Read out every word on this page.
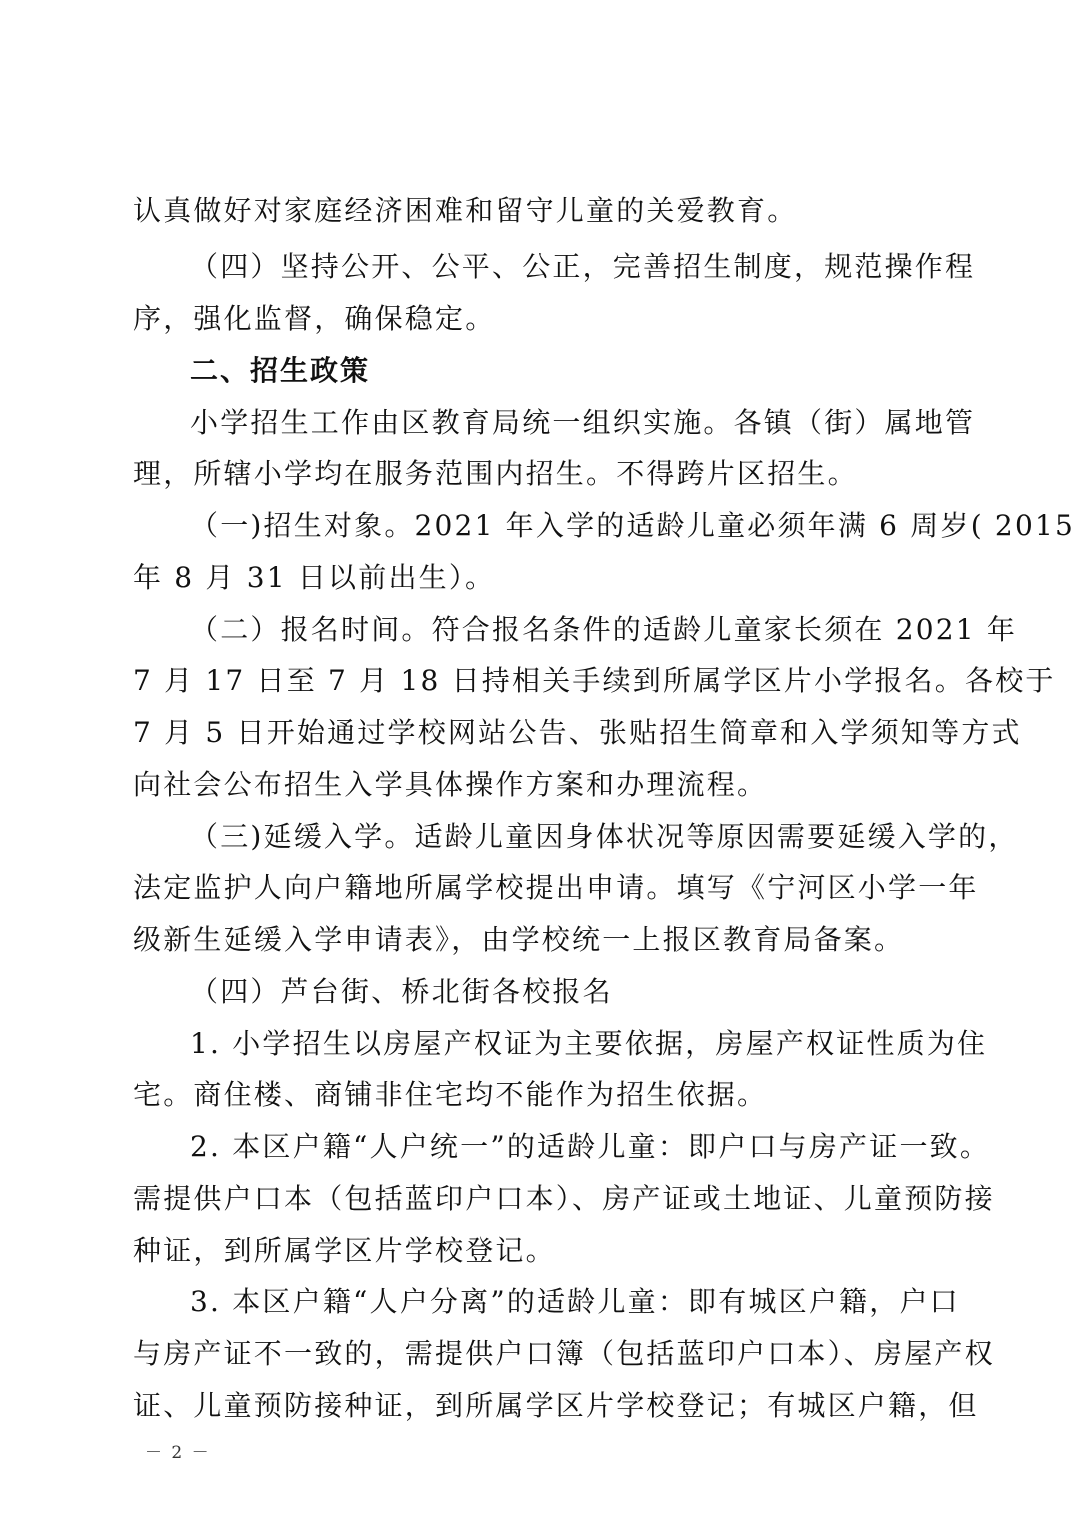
认真做好对家庭经济困难和留守儿童的关爱教育。
（四）坚持公开、公平、公正，完善招生制度，规范操作程
序，强化监督，确保稳定。
二、招生政策
小学招生工作由区教育局统一组织实施。各镇（街）属地管
理，所辖小学均在服务范围内招生。不得跨片区招生。
（一)招生对象。2021 年入学的适龄儿童必须年满 6 周岁( 2015
年 8 月 31 日以前出生）。
（二）报名时间。符合报名条件的适龄儿童家长须在 2021 年
7 月 17 日至 7 月 18 日持相关手续到所属学区片小学报名。各校于
7 月 5 日开始通过学校网站公告、张贴招生简章和入学须知等方式
向社会公布招生入学具体操作方案和办理流程。
（三)延缓入学。适龄儿童因身体状况等原因需要延缓入学的，
法定监护人向户籍地所属学校提出申请。填写《宁河区小学一年
级新生延缓入学申请表》，由学校统一上报区教育局备案。
（四）芦台街、桥北街各校报名
1. 小学招生以房屋产权证为主要依据，房屋产权证性质为住
宅。商住楼、商铺非住宅均不能作为招生依据。
2. 本区户籍“人户统一”的适龄儿童：即户口与房产证一致。
需提供户口本（包括蓝印户口本）、房产证或土地证、儿童预防接
种证，到所属学区片学校登记。
3. 本区户籍“人户分离”的适龄儿童：即有城区户籍，户口
与房产证不一致的，需提供户口簿（包括蓝印户口本）、房屋产权
证、儿童预防接种证，到所属学区片学校登记；有城区户籍，但
－ 2 －
